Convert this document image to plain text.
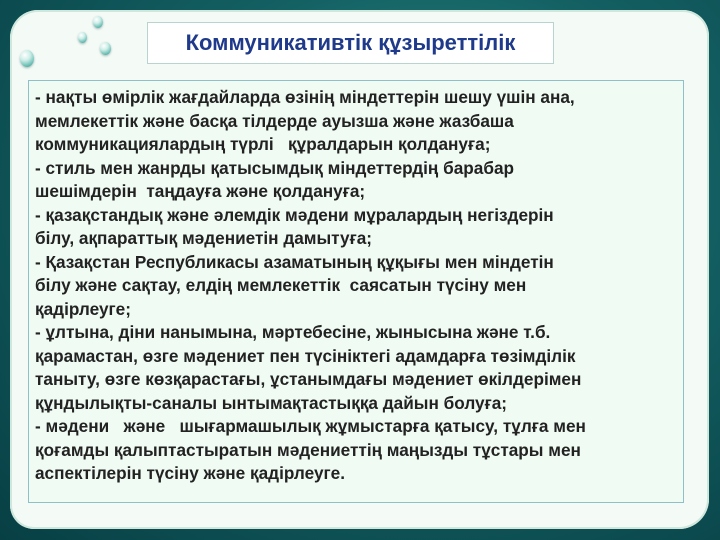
Коммуникативтік құзыреттілік

- нақты өмірлік жағдайларда өзінің міндеттерін шешу үшін ана,

мемлекеттік және басқа тілдерде ауызша және жазбаша

коммуникациялардың түрлі   құралдарын қолдануға;

- стиль мен жанрды қатысымдық міндеттердің барабар

шешімдерін  таңдауға және қолдануға;

- қазақстандық және әлемдік мәдени мұралардың негіздерін

білу, ақпараттық мәдениетін дамытуға;

- Қазақстан Республикасы азаматының құқығы мен міндетін

білу және сақтау, елдің мемлекеттік  саясатын түсіну мен

қадірлеуге;

- ұлтына, діни нанымына, мәртебесіне, жынысына және т.б.

қарамастан, өзге мәдениет пен түсініктегі адамдарға төзімділік

таныту, өзге көзқарастағы, ұстанымдағы мәдениет өкілдерімен

құндылықты-саналы ынтымақтастыққа дайын болуға;

- мәдени   және   шығармашылық жұмыстарға қатысу, тұлға мен

қоғамды қалыптастыратын мәдениеттің маңызды тұстары мен

аспектілерін түсіну және қадірлеуге.
